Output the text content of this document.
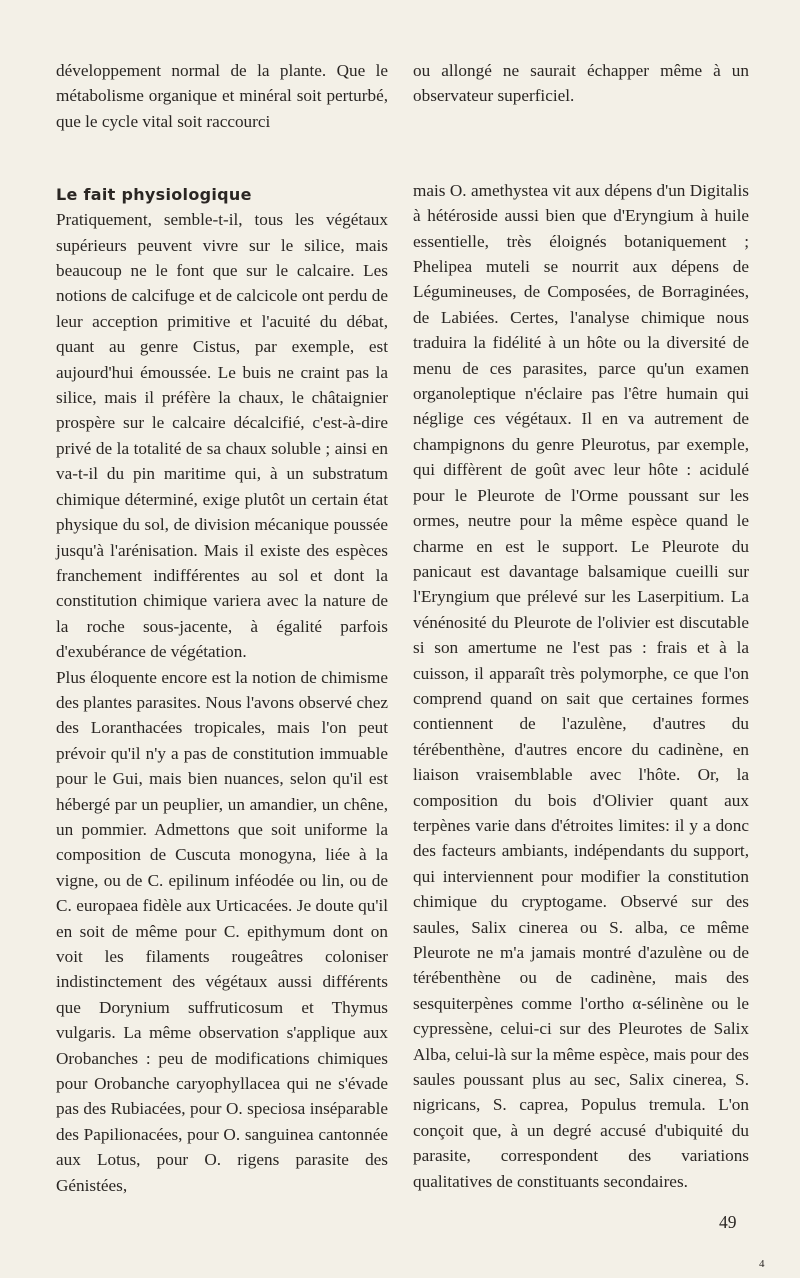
développement normal de la plante. Que le métabolisme organique et minéral soit perturbé, que le cycle vital soit raccourci

Le fait physiologique

Pratiquement, semble-t-il, tous les végétaux supérieurs peuvent vivre sur le silice, mais beaucoup ne le font que sur le calcaire. Les notions de calcifuge et de calcicole ont perdu de leur acception primitive et l'acuité du débat, quant au genre Cistus, par exemple, est aujourd'hui émoussée. Le buis ne craint pas la silice, mais il préfère la chaux, le châtaignier prospère sur le calcaire décalcifié, c'est-à-dire privé de la totalité de sa chaux soluble ; ainsi en va-t-il du pin maritime qui, à un substratum chimique déterminé, exige plutôt un certain état physique du sol, de division mécanique poussée jusqu'à l'arénisation. Mais il existe des espèces franchement indifférentes au sol et dont la constitution chimique variera avec la nature de la roche sous-jacente, à égalité parfois d'exubérance de végétation.

Plus éloquente encore est la notion de chimisme des plantes parasites. Nous l'avons observé chez des Loranthacées tropicales, mais l'on peut prévoir qu'il n'y a pas de constitution immuable pour le Gui, mais bien nuances, selon qu'il est hébergé par un peuplier, un amandier, un chêne, un pommier. Admettons que soit uniforme la composition de Cuscuta monogyna, liée à la vigne, ou de C. epilinum inféodée ou lin, ou de C. europaea fidèle aux Urticacées. Je doute qu'il en soit de même pour C. epithymum dont on voit les filaments rougeâtres coloniser indistinctement des végétaux aussi différents que Dorynium suffruticosum et Thymus vulgaris. La même observation s'applique aux Orobanches : peu de modifications chimiques pour Orobanche caryophyllacea qui ne s'évade pas des Rubiacées, pour O. speciosa inséparable des Papilionacées, pour O. sanguinea cantonnée aux Lotus, pour O. rigens parasite des Génistées,

ou allongé ne saurait échapper même à un observateur superficiel.

mais O. amethystea vit aux dépens d'un Digitalis à hétéroside aussi bien que d'Eryngium à huile essentielle, très éloignés botaniquement ; Phelipea muteli se nourrit aux dépens de Légumineuses, de Composées, de Borraginées, de Labiées. Certes, l'analyse chimique nous traduira la fidélité à un hôte ou la diversité de menu de ces parasites, parce qu'un examen organoleptique n'éclaire pas l'être humain qui néglige ces végétaux. Il en va autrement de champignons du genre Pleurotus, par exemple, qui diffèrent de goût avec leur hôte : acidulé pour le Pleurote de l'Orme poussant sur les ormes, neutre pour la même espèce quand le charme en est le support. Le Pleurote du panicaut est davantage balsamique cueilli sur l'Eryngium que prélevé sur les Laserpitium. La vénénosité du Pleurote de l'olivier est discutable si son amertume ne l'est pas : frais et à la cuisson, il apparaît très polymorphe, ce que l'on comprend quand on sait que certaines formes contiennent de l'azulène, d'autres du térébenthène, d'autres encore du cadinène, en liaison vraisemblable avec l'hôte. Or, la composition du bois d'Olivier quant aux terpènes varie dans d'étroites limites: il y a donc des facteurs ambiants, indépendants du support, qui interviennent pour modifier la constitution chimique du cryptogame. Observé sur des saules, Salix cinerea ou S. alba, ce même Pleurote ne m'a jamais montré d'azulène ou de térébenthène ou de cadinène, mais des sesquiterpènes comme l'ortho α-sélinène ou le cypressène, celui-ci sur des Pleurotes de Salix Alba, celui-là sur la même espèce, mais pour des saules poussant plus au sec, Salix cinerea, S. nigricans, S. caprea, Populus tremula. L'on conçoit que, à un degré accusé d'ubiquité du parasite, correspondent des variations qualitatives de constituants secondaires.

49
4
